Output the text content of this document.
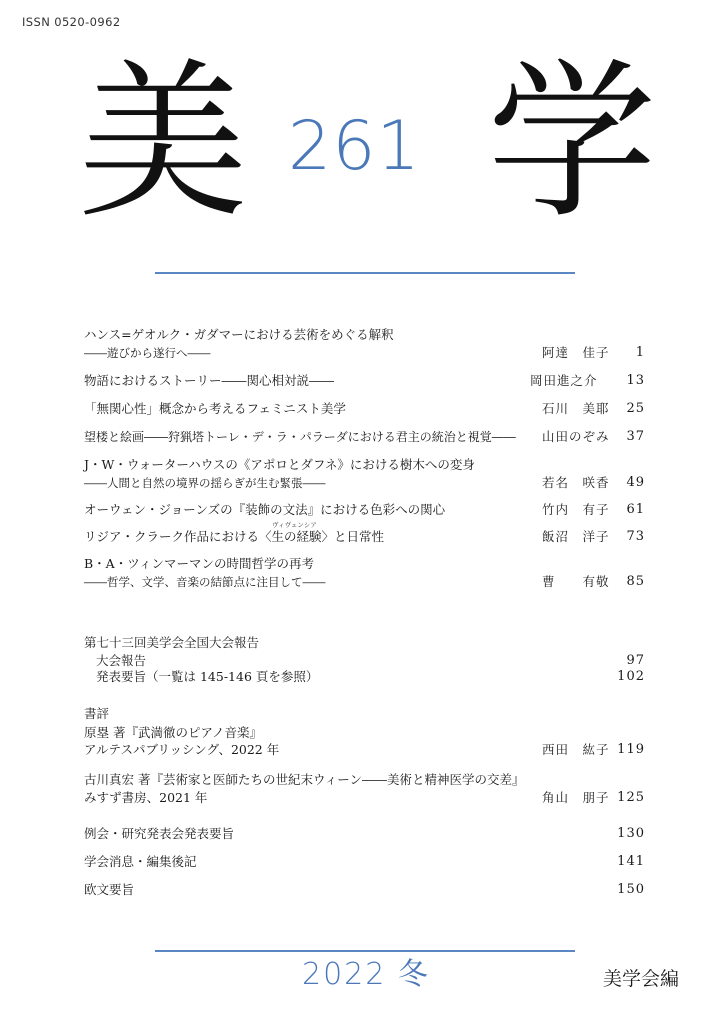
ISSN 0520-0962
美 261 学
ハンス=ゲオルク・ガダマーにおける芸術をめぐる解釈
――遊びから遂行へ――	阿達　佳子	1
物語におけるストーリー――関心相対説――	岡田進之介	13
「無関心性」概念から考えるフェミニスト美学	石川　美耶	25
望楼と絵画――狩猟塔トーレ・デ・ラ・パラーダにおける君主の統治と視覚―― 山田のぞみ	37
J・W・ウォーターハウスの《アポロとダフネ》における樹木への変身
――人間と自然の境界の揺らぎが生む緊張――	若名　咲香	49
オーウェン・ジョーンズの『装飾の文法』における色彩への関心	竹内　有子	61
ヴィヴェンシア
リジア・クラーク作品における〈生の経験〉と日常性	飯沼　洋子	73
B・A・ツィンマーマンの時間哲学の再考
――哲学、文学、音楽の結節点に注目して――	曹　　有敬	85
第七十三回美学会全国大会報告
大会報告	97
発表要旨（一覧は 145-146 頁を参照）	102
書評
原塁 著『武満徹のピアノ音楽』
アルテスパブリッシング、2022 年	西田　紘子 119
古川真宏 著『芸術家と医師たちの世紀末ウィーン――美術と精神医学の交差』
みすず書房、2021 年	角山　朋子 125
例会・研究発表会発表要旨	130
学会消息・編集後記	141
欧文要旨	150
2022 冬	美学会編
